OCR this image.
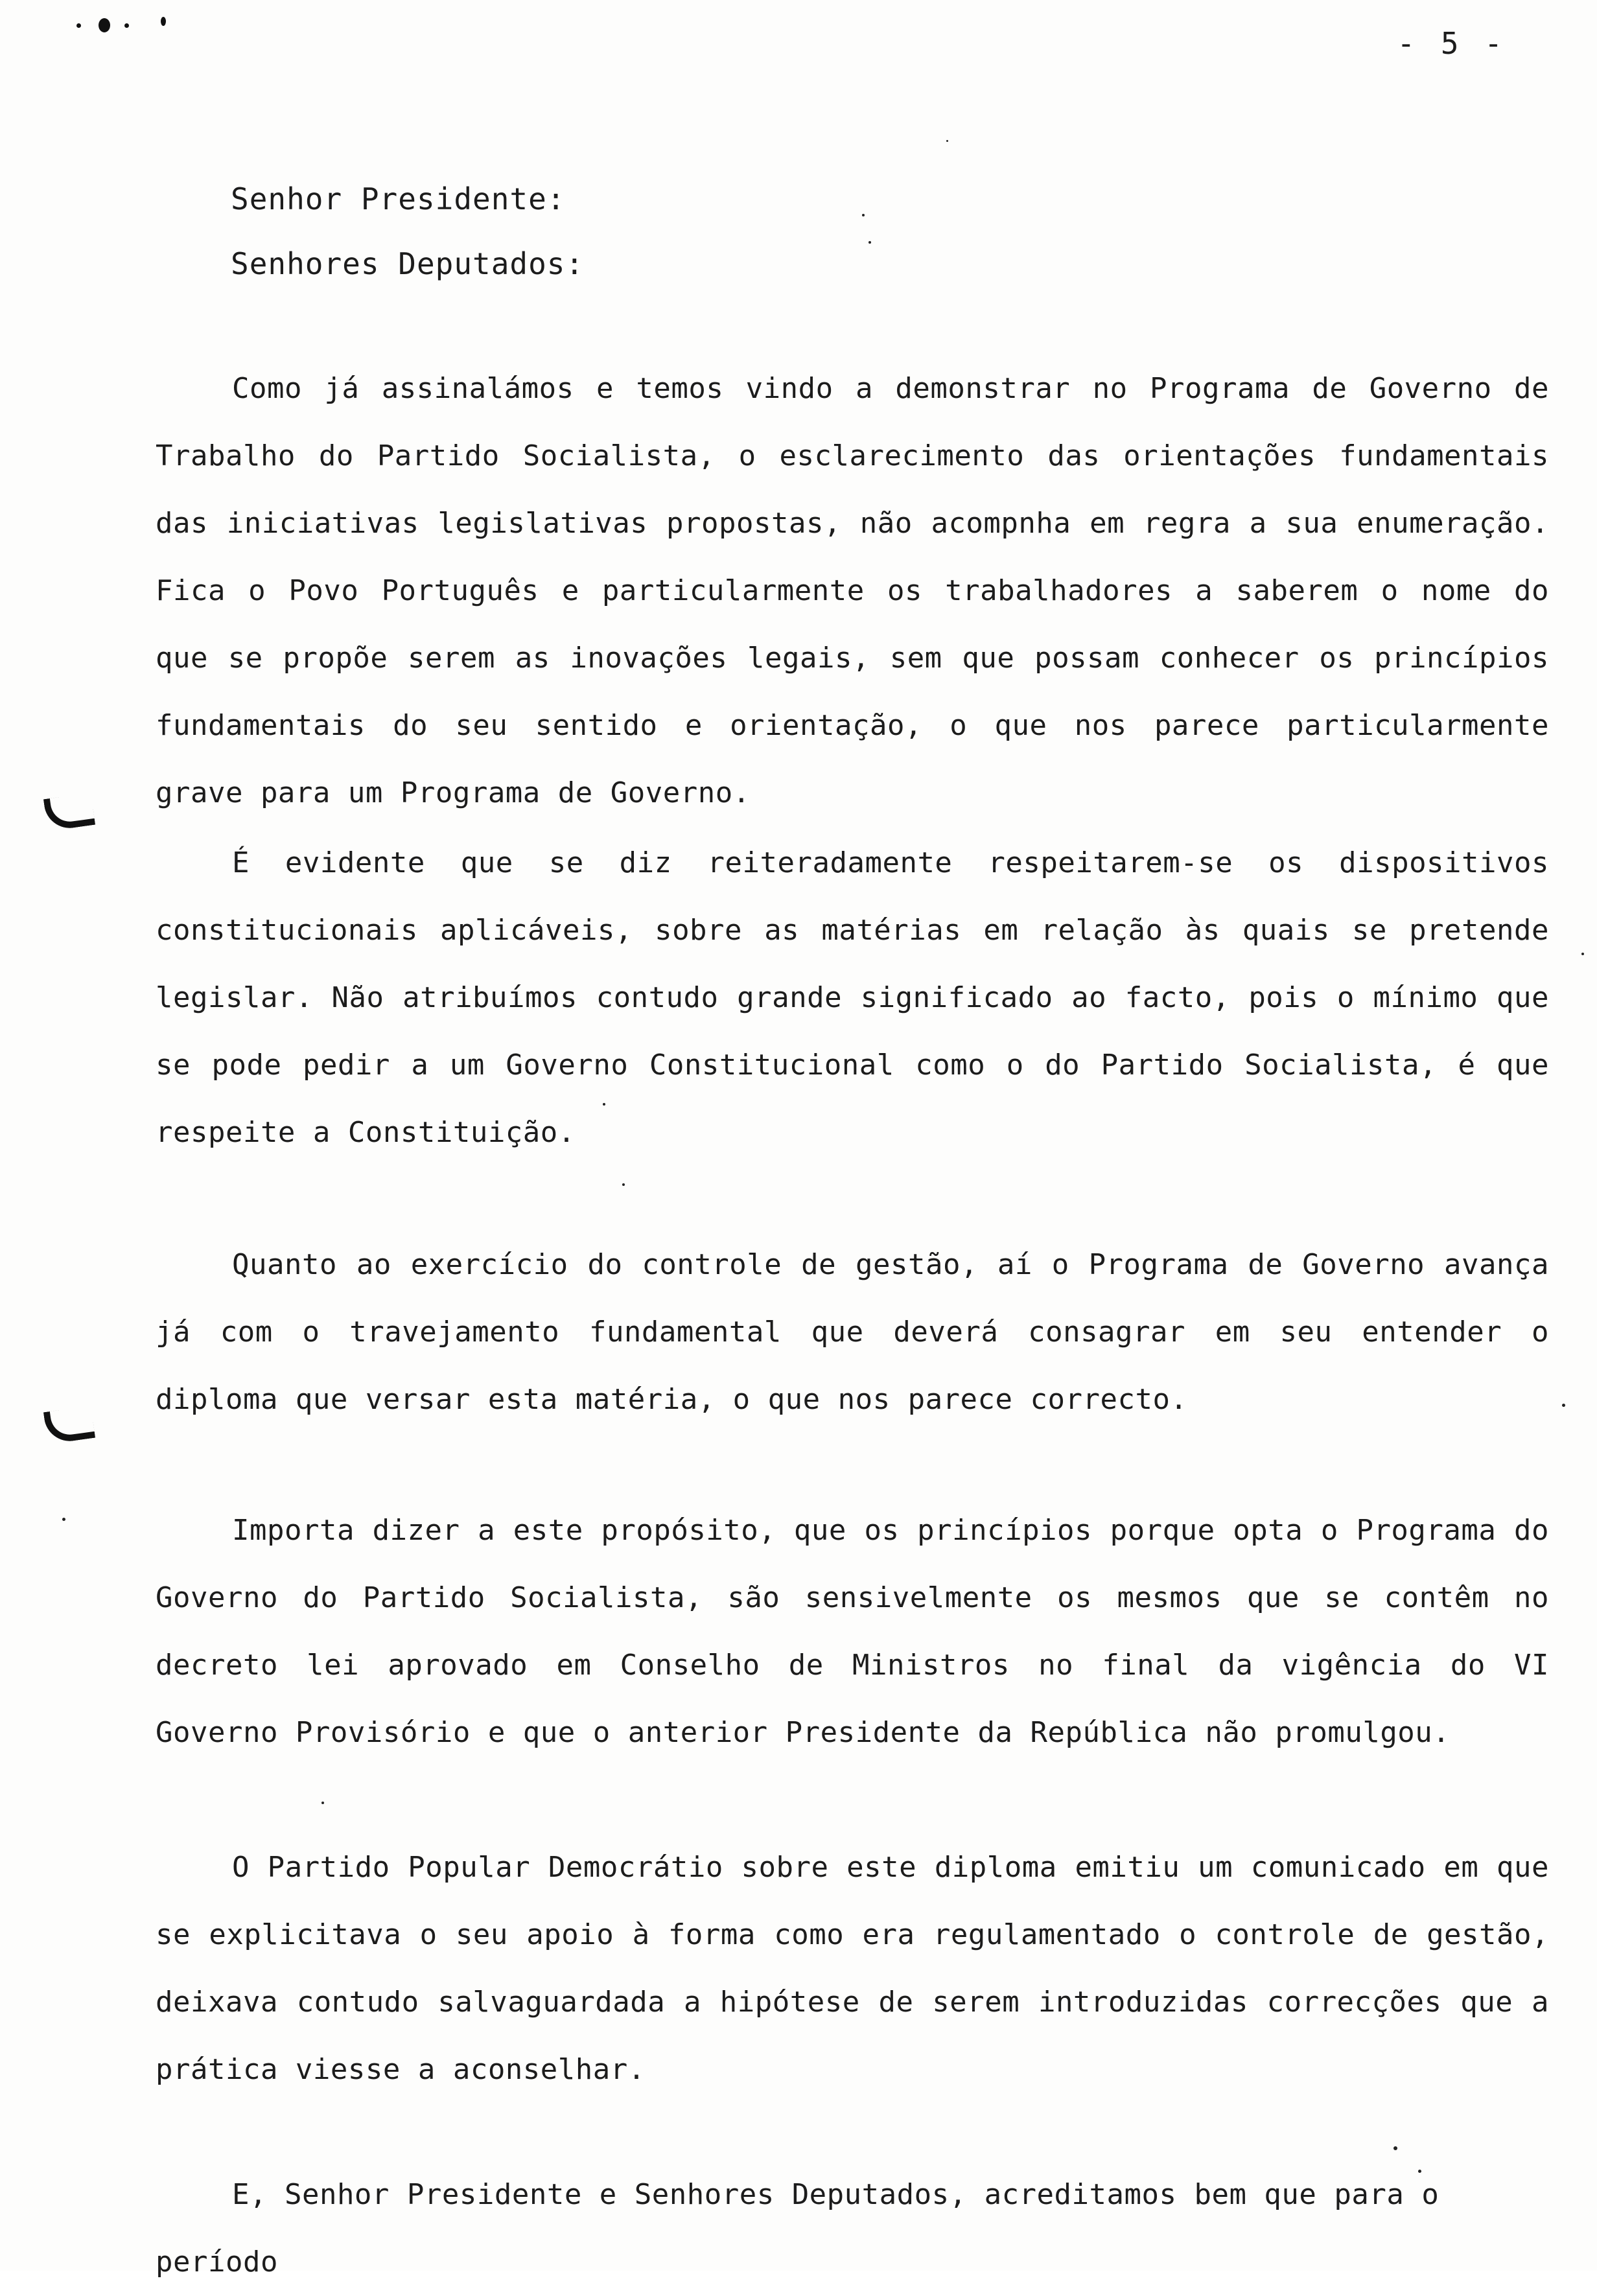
- 5 -
Senhor Presidente:
Senhores Deputados:

Como já assinalámos e temos vindo a demonstrar no Programa de Governo de Trabalho do Partido Socialista, o esclarecimento das orientações fundamentais das iniciativas legislativas propostas, não acompnha em regra a sua enumeração. Fica o Povo Português e particularmente os trabalhadores a saberem o nome do que se propõe serem as inovações legais, sem que possam conhecer os princípios fundamentais do seu sentido e orientação, o que nos parece particularmente grave para um Programa de Governo.

É evidente que se diz reiteradamente respeitarem-se os dispositivos constitucionais aplicáveis, sobre as matérias em relação às quais se pretende legislar. Não atribuímos contudo grande significado ao facto, pois o mínimo que se pode pedir a um Governo Constitucional como o do Partido Socialista, é que respeite a Constituição.

Quanto ao exercício do controle de gestão, aí o Programa de Governo avança já com o travejamento fundamental que deverá consagrar em seu entender o diploma que versar esta matéria, o que nos parece correcto.

Importa dizer a este propósito, que os princípios porque opta o Programa do Governo do Partido Socialista, são sensivelmente os mesmos que se contêm no decreto lei aprovado em Conselho de Ministros no final da vigência do VI Governo Provisório e que o anterior Presidente da República não promulgou.

O Partido Popular Democrátio sobre este diploma emitiu um comunicado em que se explicitava o seu apoio à forma como era regulamentado o controle de gestão, deixava contudo salvaguardada a hipótese de serem introduzidas correcções que a prática viesse a aconselhar.

E, Senhor Presidente e Senhores Deputados, acreditamos bem que para o período
